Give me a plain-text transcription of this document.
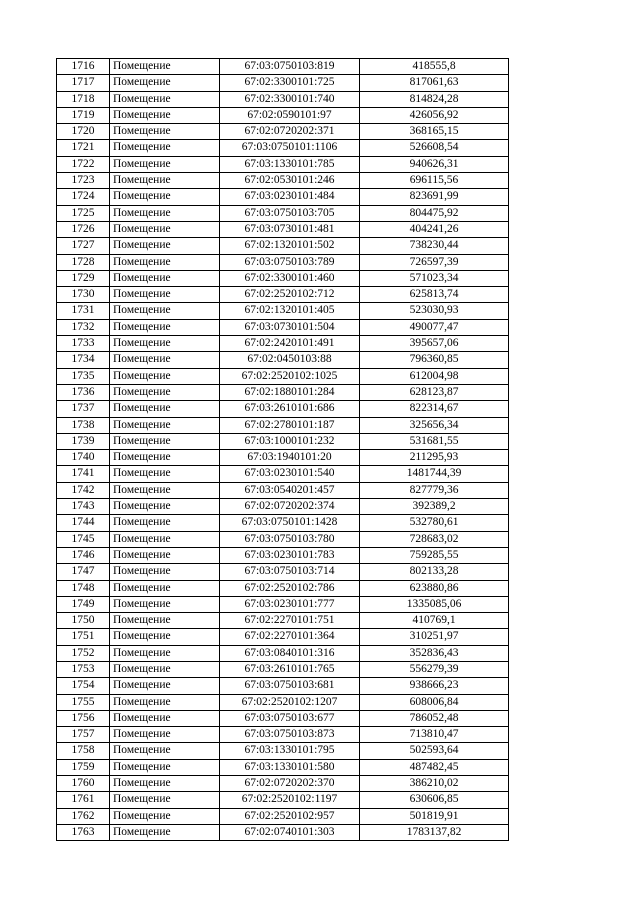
1716	Помещение	67:03:0750103:819	418555,8
1717	Помещение	67:02:3300101:725	817061,63
1718	Помещение	67:02:3300101:740	814824,28
1719	Помещение	67:02:0590101:97	426056,92
1720	Помещение	67:02:0720202:371	368165,15
1721	Помещение	67:03:0750101:1106	526608,54
1722	Помещение	67:03:1330101:785	940626,31
1723	Помещение	67:02:0530101:246	696115,56
1724	Помещение	67:03:0230101:484	823691,99
1725	Помещение	67:03:0750103:705	804475,92
1726	Помещение	67:03:0730101:481	404241,26
1727	Помещение	67:02:1320101:502	738230,44
1728	Помещение	67:03:0750103:789	726597,39
1729	Помещение	67:02:3300101:460	571023,34
1730	Помещение	67:02:2520102:712	625813,74
1731	Помещение	67:02:1320101:405	523030,93
1732	Помещение	67:03:0730101:504	490077,47
1733	Помещение	67:02:2420101:491	395657,06
1734	Помещение	67:02:0450103:88	796360,85
1735	Помещение	67:02:2520102:1025	612004,98
1736	Помещение	67:02:1880101:284	628123,87
1737	Помещение	67:03:2610101:686	822314,67
1738	Помещение	67:02:2780101:187	325656,34
1739	Помещение	67:03:1000101:232	531681,55
1740	Помещение	67:03:1940101:20	211295,93
1741	Помещение	67:03:0230101:540	1481744,39
1742	Помещение	67:03:0540201:457	827779,36
1743	Помещение	67:02:0720202:374	392389,2
1744	Помещение	67:03:0750101:1428	532780,61
1745	Помещение	67:03:0750103:780	728683,02
1746	Помещение	67:03:0230101:783	759285,55
1747	Помещение	67:03:0750103:714	802133,28
1748	Помещение	67:02:2520102:786	623880,86
1749	Помещение	67:03:0230101:777	1335085,06
1750	Помещение	67:02:2270101:751	410769,1
1751	Помещение	67:02:2270101:364	310251,97
1752	Помещение	67:03:0840101:316	352836,43
1753	Помещение	67:03:2610101:765	556279,39
1754	Помещение	67:03:0750103:681	938666,23
1755	Помещение	67:02:2520102:1207	608006,84
1756	Помещение	67:03:0750103:677	786052,48
1757	Помещение	67:03:0750103:873	713810,47
1758	Помещение	67:03:1330101:795	502593,64
1759	Помещение	67:03:1330101:580	487482,45
1760	Помещение	67:02:0720202:370	386210,02
1761	Помещение	67:02:2520102:1197	630606,85
1762	Помещение	67:02:2520102:957	501819,91
1763	Помещение	67:02:0740101:303	1783137,82
